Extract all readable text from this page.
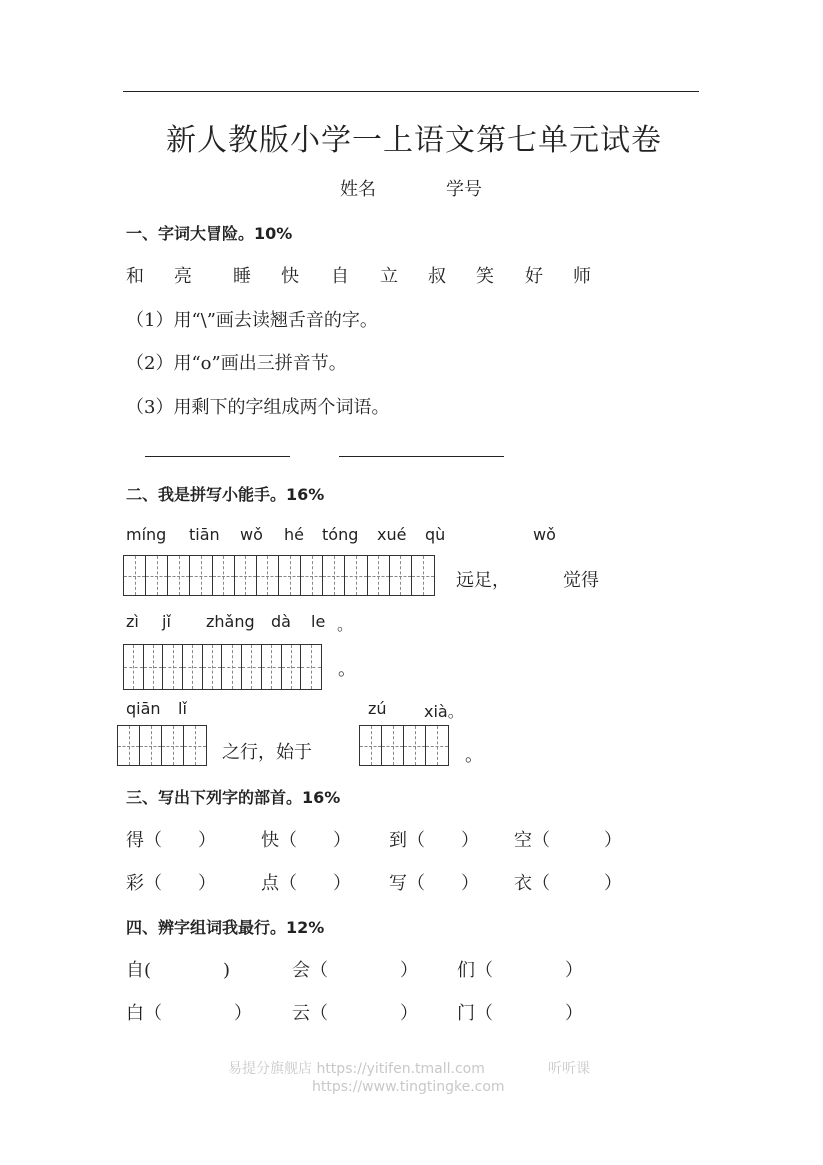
新人教版小学一上语文第七单元试卷
姓名	学号
一、字词大冒险。10%
和 亮 睡 快 自 立 叔 笑 好 师
（1）用“\”画去读翘舌音的字。
（2）用“o”画出三拼音节。
（3）用剩下的字组成两个词语。
二、我是拼写小能手。16%
míng tiān wǒ hé tóng xué qù	wǒ
远足，	觉得
zì jǐ zhǎng dà le 。
。
qiān lǐ	zú xià。
之行，始于	。
三、写出下列字的部首。16%
得（　　）	快（　　）	到（　　）	空（　　　）
彩（　　）	点（　　）	写（　　）	衣（　　　）
四、辨字组词我最行。12%
自(　　　　)	会（　　　　）	们（　　　　）
白（　　　　）	云（　　　　）	门（　　　　）
易提分旗舰店 https://yitifen.tmall.com	听听课
https://www.tingtingke.com
